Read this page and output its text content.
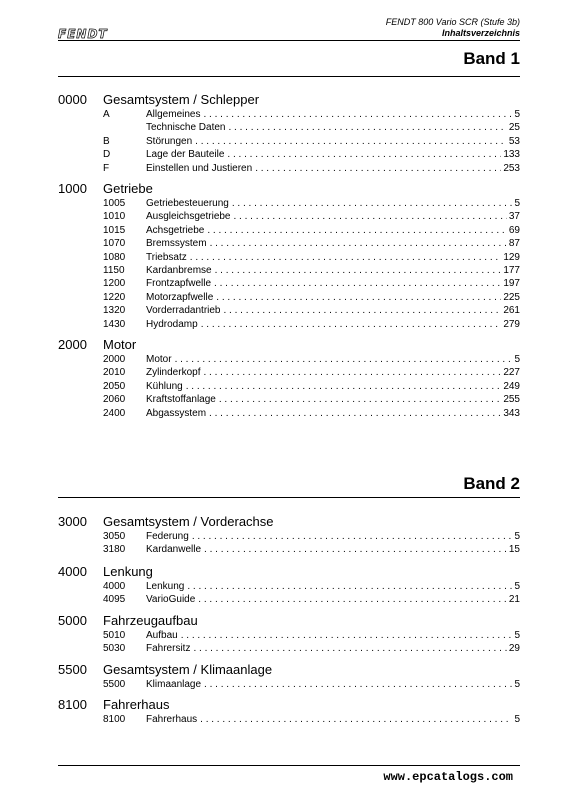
FENDT
FENDT 800 Vario SCR (Stufe 3b)
Inhaltsverzeichnis
Band 1
0000 Gesamtsystem / Schlepper
A	Allgemeines . . .	5
Technische Daten . . .	25
B	Störungen . . .	53
D	Lage der Bauteile . . .	133
F	Einstellen und Justieren . . .	253
1000 Getriebe
1005 Getriebesteuerung . . .	5
1010 Ausgleichsgetriebe . . .	37
1015 Achsgetriebe . . .	69
1070 Bremssystem . . .	87
1080 Triebsatz . . .	129
1150 Kardanbremse . . .	177
1200 Frontzapfwelle . . .	197
1220 Motorzapfwelle . . .	225
1320 Vorderradantrieb . . .	261
1430 Hydrodamp . . .	279
2000 Motor
2000 Motor . . .	5
2010 Zylinderkopf . . .	227
2050 Kühlung . . .	249
2060 Kraftstoffanlage . . .	255
2400 Abgassystem . . .	343
Band 2
3000 Gesamtsystem / Vorderachse
3050 Federung . . .	5
3180 Kardanwelle . . .	15
4000 Lenkung
4000 Lenkung . . .	5
4095 VarioGuide . . .	21
5000 Fahrzeugaufbau
5010 Aufbau . . .	5
5030 Fahrersitz . . .	29
5500 Gesamtsystem / Klimaanlage
5500 Klimaanlage . . .	5
8100 Fahrerhaus
8100 Fahrerhaus . . .	5
www.epcatalogs.com
